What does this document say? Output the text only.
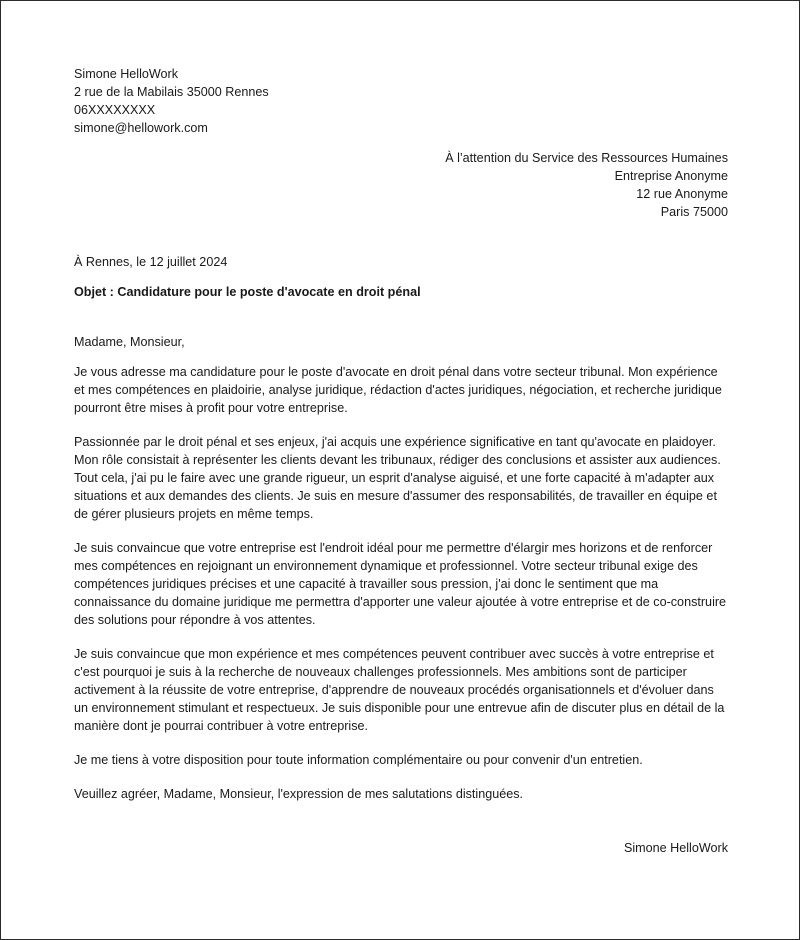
Simone HelloWork
2 rue de la Mabilais 35000 Rennes
06XXXXXXXX
simone@hellowork.com
À l’attention du Service des Ressources Humaines
Entreprise Anonyme
12 rue Anonyme
Paris 75000

À Rennes, le 12 juillet 2024

Objet : Candidature pour le poste d'avocate en droit pénal

Madame, Monsieur,

Je vous adresse ma candidature pour le poste d'avocate en droit pénal dans votre secteur tribunal. Mon expérience et mes compétences en plaidoirie, analyse juridique, rédaction d'actes juridiques, négociation, et recherche juridique pourront être mises à profit pour votre entreprise.

Passionnée par le droit pénal et ses enjeux, j'ai acquis une expérience significative en tant qu'avocate en plaidoyer. Mon rôle consistait à représenter les clients devant les tribunaux, rédiger des conclusions et assister aux audiences. Tout cela, j'ai pu le faire avec une grande rigueur, un esprit d'analyse aiguisé, et une forte capacité à m'adapter aux situations et aux demandes des clients. Je suis en mesure d'assumer des responsabilités, de travailler en équipe et de gérer plusieurs projets en même temps.

Je suis convaincue que votre entreprise est l'endroit idéal pour me permettre d'élargir mes horizons et de renforcer mes compétences en rejoignant un environnement dynamique et professionnel. Votre secteur tribunal exige des compétences juridiques précises et une capacité à travailler sous pression, j'ai donc le sentiment que ma connaissance du domaine juridique me permettra d'apporter une valeur ajoutée à votre entreprise et de co-construire des solutions pour répondre à vos attentes.

Je suis convaincue que mon expérience et mes compétences peuvent contribuer avec succès à votre entreprise et c'est pourquoi je suis à la recherche de nouveaux challenges professionnels. Mes ambitions sont de participer activement à la réussite de votre entreprise, d'apprendre de nouveaux procédés organisationnels et d'évoluer dans un environnement stimulant et respectueux. Je suis disponible pour une entrevue afin de discuter plus en détail de la manière dont je pourrai contribuer à votre entreprise.

Je me tiens à votre disposition pour toute information complémentaire ou pour convenir d'un entretien.

Veuillez agréer, Madame, Monsieur, l'expression de mes salutations distinguées.

Simone HelloWork
